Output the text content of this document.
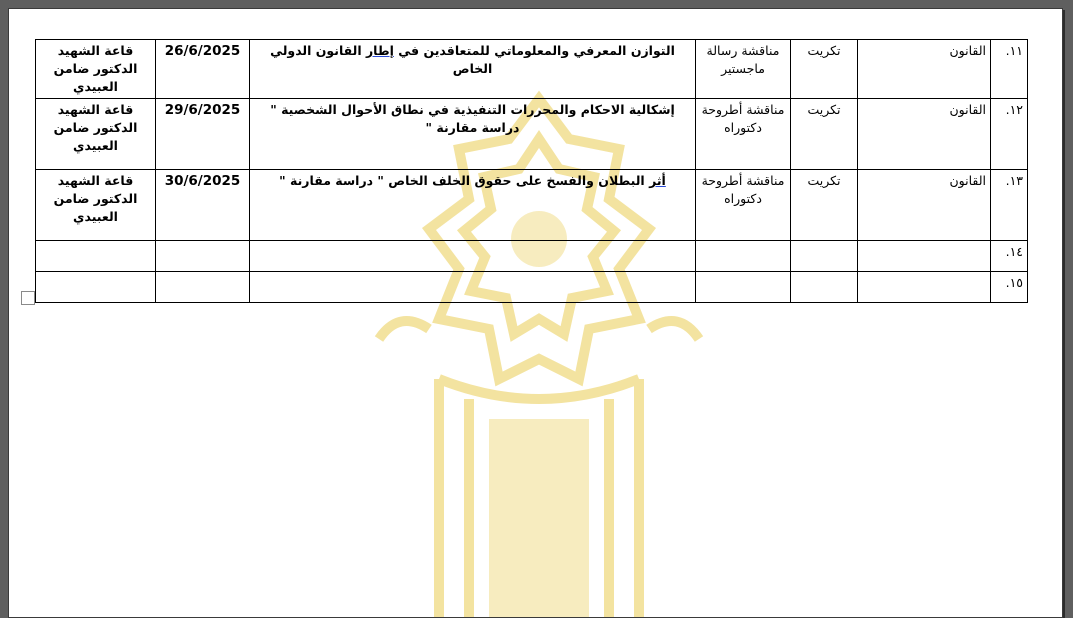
١١.	القانون	تكريت	مناقشة رسالة ماجستير	التوازن المعرفي والمعلوماتي للمتعاقدين في إطار القانون الدولي الخاص	26/6/2025	قاعة الشهيد الدكتور ضامن العبيدي
١٢.	القانون	تكريت	مناقشة أطروحة دكتوراه	إشكالية الاحكام والمحررات التنفيذية في نطاق الأحوال الشخصية " دراسة مقارنة "	29/6/2025	قاعة الشهيد الدكتور ضامن العبيدي
١٣.	القانون	تكريت	مناقشة أطروحة دكتوراه	أثر البطلان والفسخ على حقوق الخلف الخاص " دراسة مقارنة "	30/6/2025	قاعة الشهيد الدكتور ضامن العبيدي
١٤.						
١٥.						
